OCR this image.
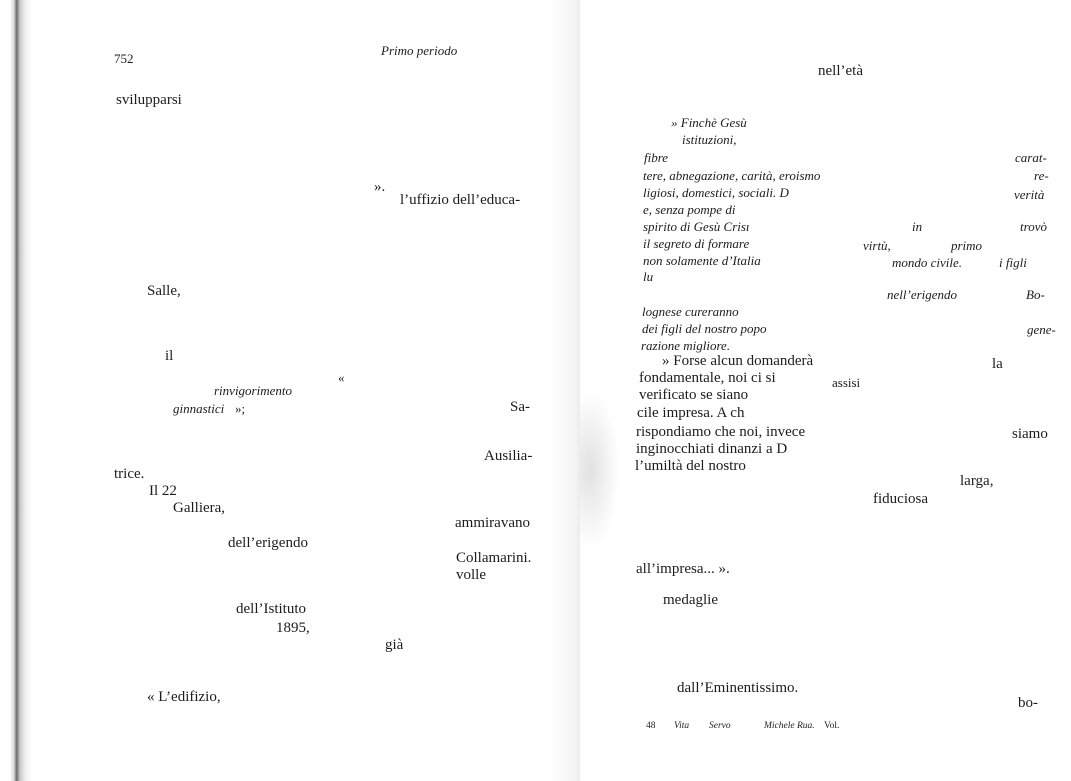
752
Primo periodo
svilupparsi
».
l’uffizio dell’educa-
Salle,
il
«
rinvigorimento
ginnastici »;	Sa-
Ausilia-
trice.
Il 22
Galliera,
ammiravano
dell’erigendo
Collamarini.
volle
dell’Istituto
1895,
già
« L’edifizio,
nell’età
» Finchè Gesù
istituzioni,
fibre	carat-
tere, abnegazione, carità, eroismo	re-
ligiosi, domestici, sociali. D	verità
e, senza pompe di
spirito di Gesù Crisı	in	trovò
il segreto di formare	virtù,	primo
non solamente d’Italia	mondo civile.	i figli
lu
nell’erigendo	Bo-
lognese cureranno
dei figli del nostro popo	gene-
razione migliore.
» Forse alcun domanderà	la
fondamentale, noi ci si	assisi
verificato se siano
cile impresa. A ch
rispondiamo che noi, invece	siamo
inginocchiati dinanzi a D
l’umiltà del nostro
larga,
fiduciosa
all’impresa... ».
medaglie
dall’Eminentissimo.
bo-
48 Vita Servo	Michele Rua. Vol.
